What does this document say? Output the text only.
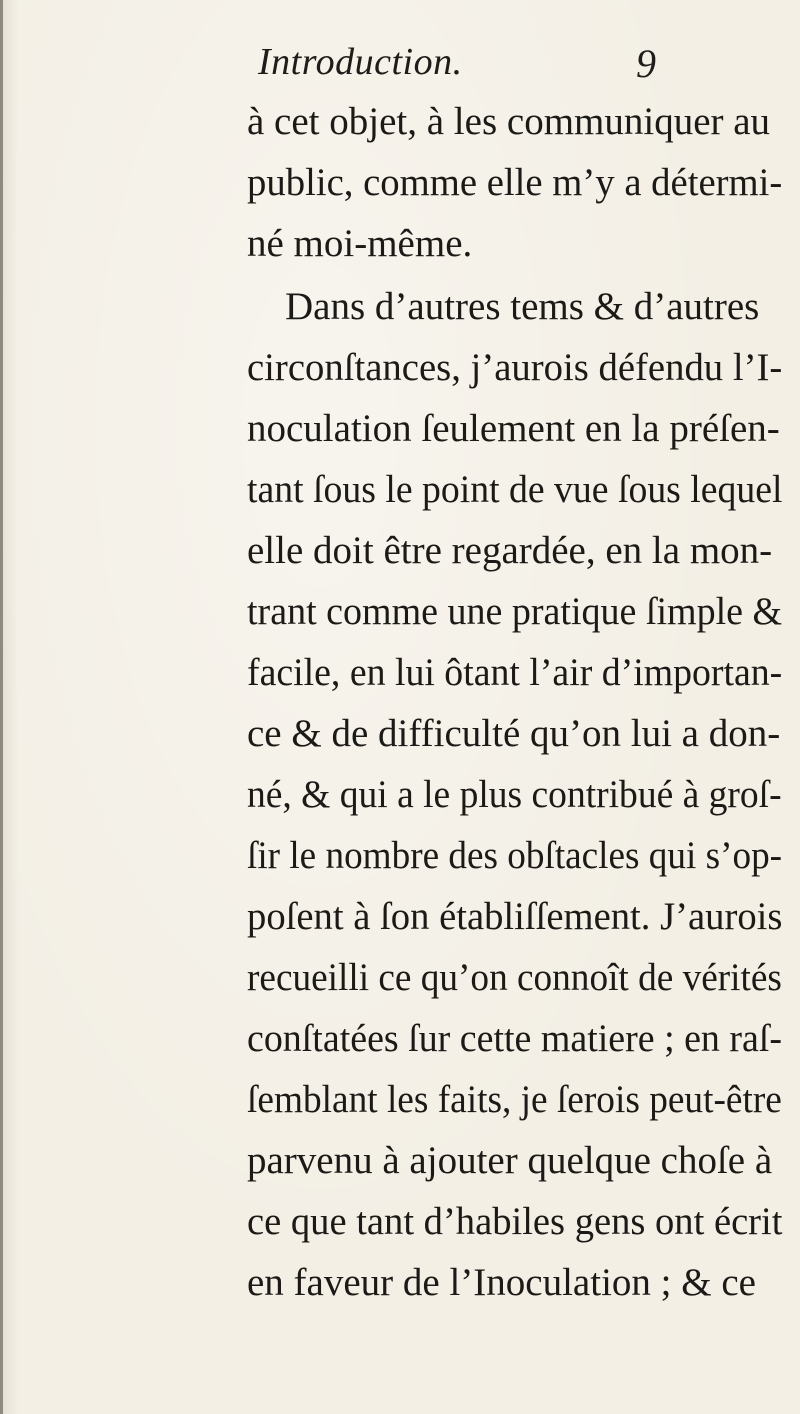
Introduction.	9
à cet objet, à les communiquer au
public, comme elle m’y a détermi-
né moi-même.
Dans d’autres tems & d’autres
circonſtances, j’aurois défendu l’I-
noculation ſeulement en la préſen-
tant ſous le point de vue ſous lequel
elle doit être regardée, en la mon-
trant comme une pratique ſimple &
facile, en lui ôtant l’air d’importan-
ce & de difficulté qu’on lui a don-
né, & qui a le plus contribué à groſ-
ſir le nombre des obſtacles qui s’op-
poſent à ſon établiſſement. J’aurois
recueilli ce qu’on connoît de vérités
conſtatées ſur cette matiere ; en raſ-
ſemblant les faits, je ſerois peut-être
parvenu à ajouter quelque choſe à
ce que tant d’habiles gens ont écrit
en faveur de l’Inoculation ; & ce
